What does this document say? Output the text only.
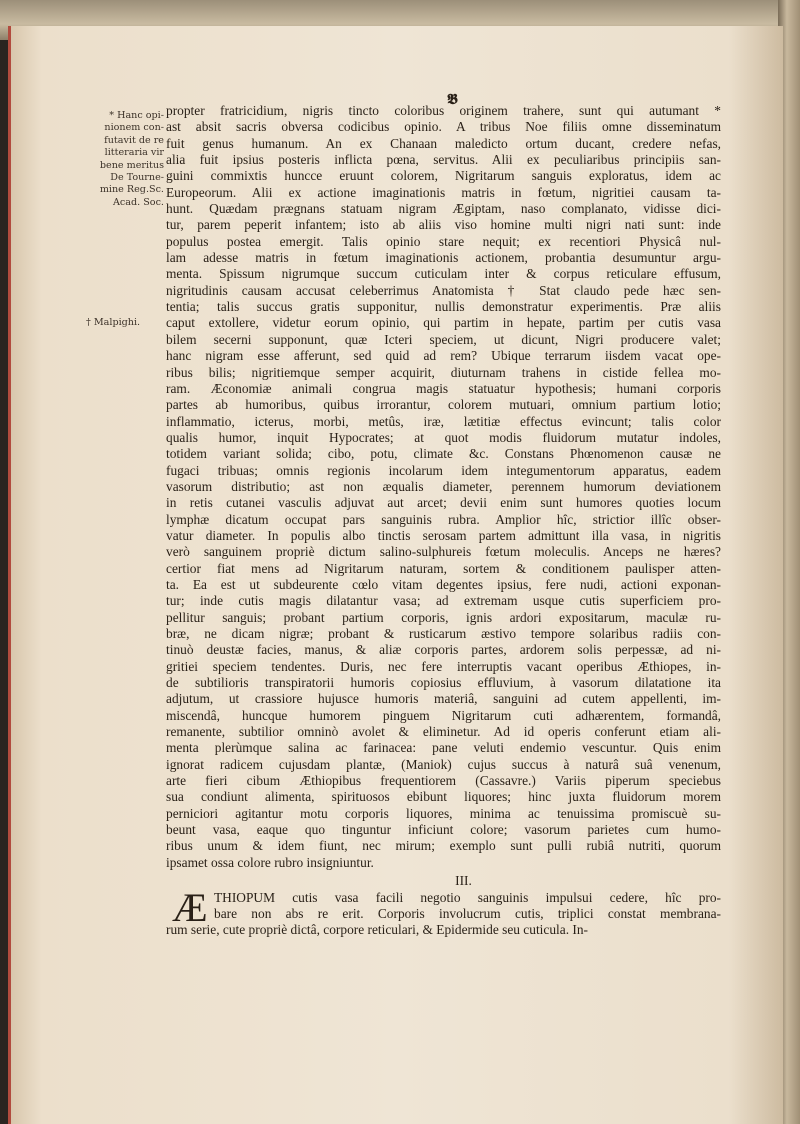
𝕭
* Hanc opi- nionem con- futavit de re litteraria vir bene meritus De Tourne- mine Reg.Sc. Acad. Soc.
† Malpighi.
propter fratricidium, nigris tincto coloribus originem trahere, sunt qui autumant *
ast absit sacris obversa codicibus opinio. A tribus Noe filiis omne disseminatum
fuit genus humanum. An ex Chanaan maledicto ortum ducant, credere nefas,
alia fuit ipsius posteris inflicta pœna, servitus. Alii ex peculiaribus principiis san-
guini commixtis huncce eruunt colorem, Nigritarum sanguis exploratus, idem ac
Europeorum. Alii ex actione imaginationis matris in fœtum, nigritiei causam ta-
hunt. Quædam prægnans statuam nigram Ægiptam, naso complanato, vidisse dici-
tur, parem peperit infantem; isto ab aliis viso homine multi nigri nati sunt: inde
populus postea emergit. Talis opinio stare nequit; ex recentiori Physicâ nul-
lam adesse matris in fœtum imaginationis actionem, probantia desumuntur argu-
menta. Spissum nigrumque succum cuticulam inter & corpus reticulare effusum,
nigritudinis causam accusat celeberrimus Anatomista † Stat claudo pede hæc sen-
tentia; talis succus gratis supponitur, nullis demonstratur experimentis. Præ aliis
caput extollere, videtur eorum opinio, qui partim in hepate, partim per cutis vasa
bilem secerni supponunt, quæ Icteri speciem, ut dicunt, Nigri producere valet;
hanc nigram esse afferunt, sed quid ad rem? Ubique terrarum iisdem vacat ope-
ribus bilis; nigritiemque semper acquirit, diuturnam trahens in cistide fellea mo-
ram. Æconomiæ animali congrua magis statuatur hypothesis; humani corporis
partes ab humoribus, quibus irrorantur, colorem mutuari, omnium partium lotio;
inflammatio, icterus, morbi, metûs, iræ, lætitiæ effectus evincunt; talis color
qualis humor, inquit Hypocrates; at quot modis fluidorum mutatur indoles,
totidem variant solida; cibo, potu, climate &c. Constans Phœnomenon causæ ne
fugaci tribuas; omnis regionis incolarum idem integumentorum apparatus, eadem
vasorum distributio; ast non æqualis diameter, perennem humorum deviationem
in retis cutanei vasculis adjuvat aut arcet; devii enim sunt humores quoties locum
lymphæ dicatum occupat pars sanguinis rubra. Amplior hîc, strictior illîc obser-
vatur diameter. In populis albo tinctis serosam partem admittunt illa vasa, in nigritis
verò sanguinem propriè dictum salino-sulphureis fœtum moleculis. Anceps ne hæres?
certior fiat mens ad Nigritarum naturam, sortem & conditionem paulisper atten-
ta. Ea est ut subdeurente cœlo vitam degentes ipsius, fere nudi, actioni exponan-
tur; inde cutis magis dilatantur vasa; ad extremam usque cutis superficiem pro-
pellitur sanguis; probant partium corporis, ignis ardori expositarum, maculæ ru-
bræ, ne dicam nigræ; probant & rusticarum æstivo tempore solaribus radiis con-
tinuò deustæ facies, manus, & aliæ corporis partes, ardorem solis perpessæ, ad ni-
gritiei speciem tendentes. Duris, nec fere interruptis vacant operibus Æthiopes, in-
de subtilioris transpiratorii humoris copiosius effluvium, à vasorum dilatatione ita
adjutum, ut crassiore hujusce humoris materiâ, sanguini ad cutem appellenti, im-
miscendâ, huncque humorem pinguem Nigritarum cuti adhærentem, formandâ,
remanente, subtilior omninò avolet & eliminetur. Ad id operis conferunt etiam ali-
menta plerùmque salina ac farinacea: pane veluti endemio vescuntur. Quis enim
ignorat radicem cujusdam plantæ, (Maniok) cujus succus à naturâ suâ venenum,
arte fieri cibum Æthiopibus frequentiorem (Cassavre.) Variis piperum speciebus
sua condiunt alimenta, spirituosos ebibunt liquores; hinc juxta fluidorum morem
perniciori agitantur motu corporis liquores, minima ac tenuissima promiscuè su-
beunt vasa, eaque quo tinguntur inficiunt colore; vasorum parietes cum humo-
ribus unum & idem fiunt, nec mirum; exemplo sunt pulli rubiâ nutriti, quorum
ipsamet ossa colore rubro insigniuntur.
III.
Æ THIOPUM cutis vasa facili negotio sanguinis impulsui cedere, hîc pro-
bare non abs re erit. Corporis involucrum cutis, triplici constat membrana-
rum serie, cute propriè dictâ, corpore reticulari, & Epidermide seu cuticula. In-
